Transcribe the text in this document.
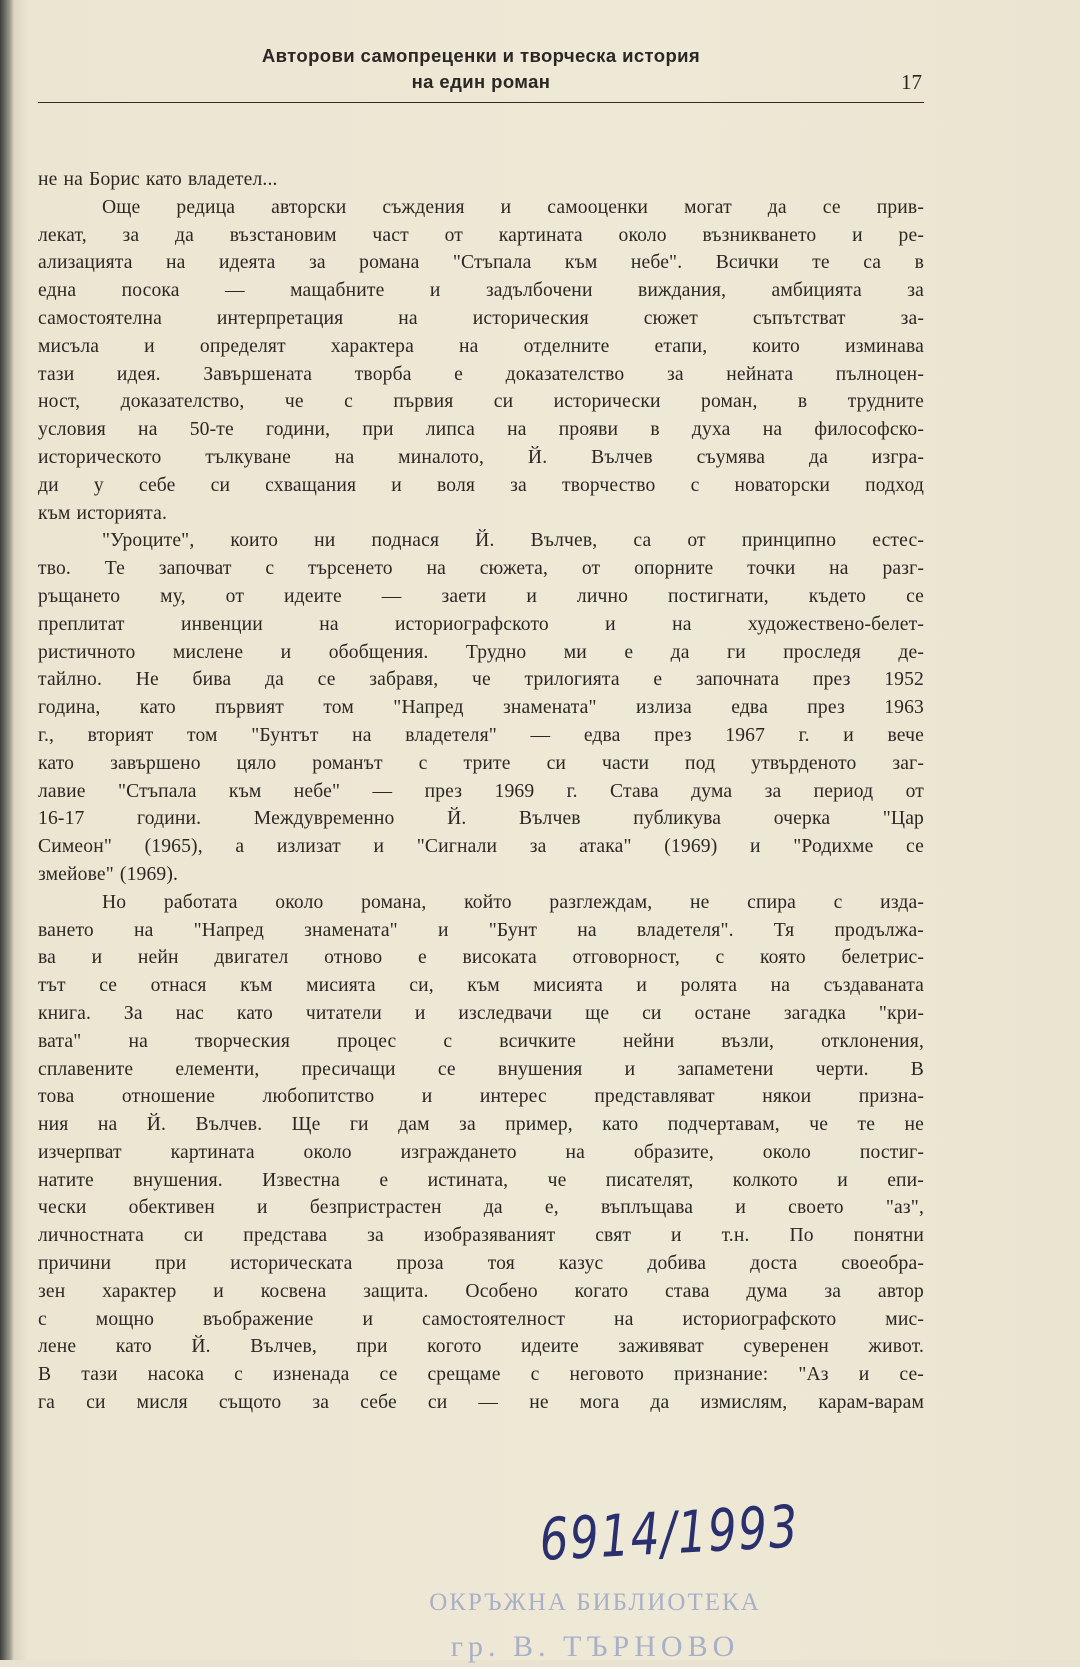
Авторови самопреценки и творческа история
на един роман	17
не на Борис като владетел...
Още редица авторски съждения и самооценки могат да се прив-
лекат, за да възстановим част от картината около възникването и ре-
ализацията на идеята за романа "Стъпала към небе". Всички те са в
една посока — мащабните и задълбочени виждания, амбицията за
самостоятелна интерпретация на историческия сюжет съпътстват за-
мисъла и определят характера на отделните етапи, които изминава
тази идея. Завършената творба е доказателство за нейната пълноцен-
ност, доказателство, че с първия си исторически роман, в трудните
условия на 50-те години, при липса на прояви в духа на философско-
историческото тълкуване на миналото, Й. Вълчев съумява да изгра-
ди у себе си схващания и воля за творчество с новаторски подход
към историята.
"Уроците", които ни поднася Й. Вълчев, са от принципно естес-
тво. Те започват с търсенето на сюжета, от опорните точки на разг-
ръщането му, от идеите — заети и лично постигнати, където се
преплитат инвенции на историографското и на художествено-белет-
ристичното мислене и обобщения. Трудно ми е да ги проследя де-
тайлно. Не бива да се забравя, че трилогията е започната през 1952
година, като първият том "Напред знамената" излиза едва през 1963
г., вторият том "Бунтът на владетеля" — едва през 1967 г. и вече
като завършено цяло романът с трите си части под утвърденото заг-
лавие "Стъпала към небе" — през 1969 г. Става дума за период от
16-17 години. Междувременно Й. Вълчев публикува очерка "Цар
Симеон" (1965), а излизат и "Сигнали за атака" (1969) и "Родихме се
змейове" (1969).
Но работата около романа, който разглеждам, не спира с изда-
ването на "Напред знамената" и "Бунт на владетеля". Тя продължа-
ва и нейн двигател отново е високата отговорност, с която белетрис-
тът се отнася към мисията си, към мисията и ролята на създаваната
книга. За нас като читатели и изследвачи ще си остане загадка "кри-
вата" на творческия процес с всичките нейни възли, отклонения,
сплавените елементи, пресичащи се внушения и запаметени черти. В
това отношение любопитство и интерес представляват някои призна-
ния на Й. Вълчев. Ще ги дам за пример, като подчертавам, че те не
изчерпват картината около изграждането на образите, около постиг-
натите внушения. Известна е истината, че писателят, колкото и епи-
чески обективен и безпристрастен да е, въплъщава и своето "аз",
личностната си представа за изобразяваният свят и т.н. По понятни
причини при историческата проза тоя казус добива доста своеобра-
зен характер и косвена защита. Особено когато става дума за автор
с мощно въображение и самостоятелност на историографското мис-
лене като Й. Вълчев, при когото идеите заживяват суверенен живот.
В тази насока с изненада се срещаме с неговото признание: "Аз и се-
га си мисля същото за себе си — не мога да измислям, карам-варам
6914/1993
ОКРЪЖНА БИБЛИОТЕКА
гр. В. ТЪРНОВО
